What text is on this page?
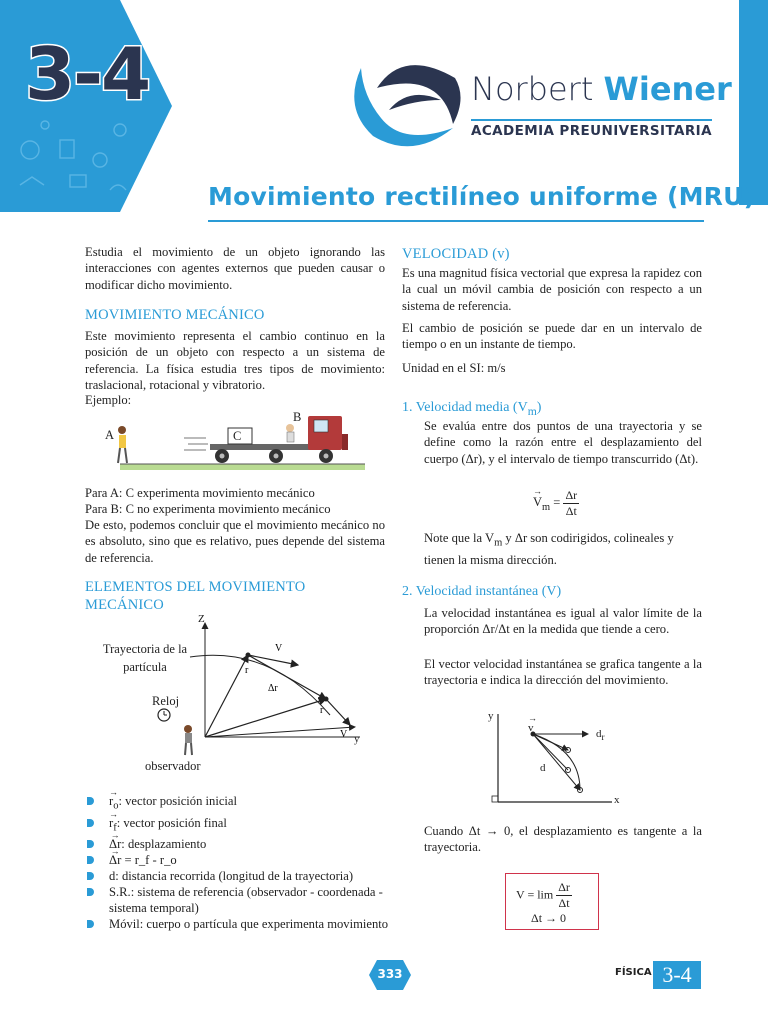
3-4	Norbert Wiener
ACADEMIA PREUNIVERSITARIA
Movimiento rectilíneo uniforme (MRU)

Estudia el movimiento de un objeto ignorando las interacciones con agentes externos que pueden causar o modificar dicho movimiento.

MOVIMIENTO MECÁNICO

Este movimiento representa el cambio continuo en la posición de un objeto con respecto a un sistema de referencia. La física estudia tres tipos de movimiento: traslacional, rotacional y vibratorio.

Ejemplo:
A
B
C
Para A: C experimenta movimiento mecánico
Para B: C no experimenta movimiento mecánico

De esto, podemos concluir que el movimiento mecánico no es absoluto, sino que es relativo, pues depende del sistema de referencia.

ELEMENTOS DEL MOVIMIENTO MECÁNICO
V
r
Δr
r
V
Z
y
Trayectoria de la partícula
Reloj
observador
→ $r_o$: vector posición inicial
→ $r_f$: vector posición final
→ Δr: desplazamiento
→ Δr = r_f - r_o
d: distancia recorrida (longitud de la trayectoria)
S.R.: sistema de referencia (observador - coordenada - sistema temporal)
Móvil: cuerpo o partícula que experimenta movimiento
VELOCIDAD (v)

Es una magnitud física vectorial que expresa la rapidez con la cual un móvil cambia de posición con respecto a un sistema de referencia.

El cambio de posición se puede dar en un intervalo de tiempo o en un instante de tiempo.

Unidad en el SI: m/s
1. Velocidad media $(V_m)$

Se evalúa entre dos puntos de una trayectoria y se define como la razón entre el desplazamiento del cuerpo (Δr), y el intervalo de tiempo transcurrido (Δt).

→ $V_m = \frac{\Delta r}{\Delta t}$

Note que la $V_m$ y Δr son codirigidos, colineales y tienen la misma dirección.

2. Velocidad instantánea (V)

La velocidad instantánea es igual al valor límite de la proporción Δr/Δt en la medida que tiende a cero.

El vector velocidad instantánea se grafica tangente a la trayectoria e indica la dirección del movimiento.

y
x
→ v	$d_r$
d

Cuando Δt → 0, el desplazamiento es tangente a la trayectoria.

$V = \lim \frac{\Delta r}{\Delta t}$
Δt → 0
333	FÍSICA 3-4
